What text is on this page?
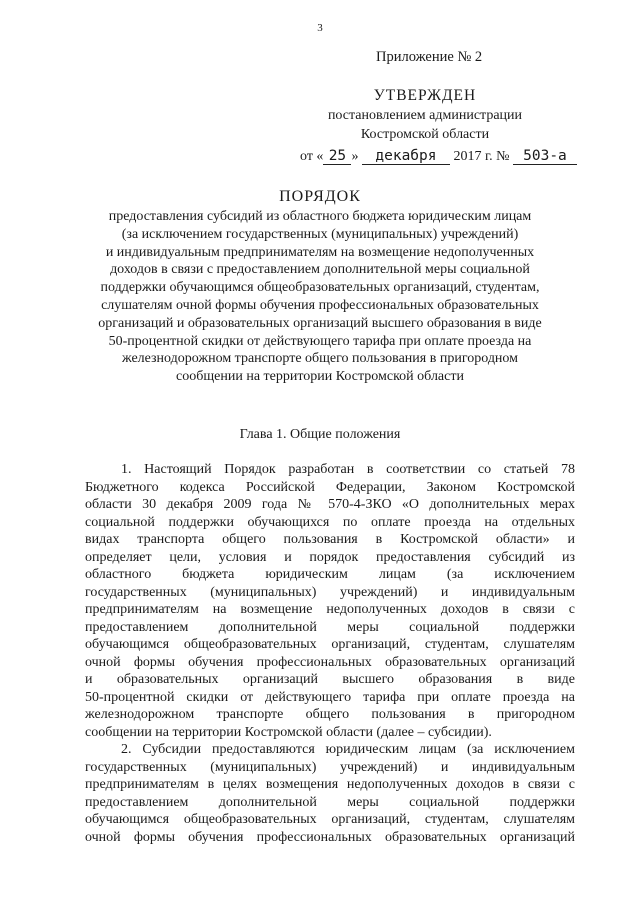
3
Приложение № 2
УТВЕРЖДЕН
постановлением администрации
Костромской области
от « 25 » декабря 2017 г. № 503-а
ПОРЯДОК
предоставления субсидий из областного бюджета юридическим лицам
(за исключением государственных (муниципальных) учреждений)
и индивидуальным предпринимателям на возмещение недополученных
доходов в связи с предоставлением дополнительной меры социальной
поддержки обучающимся общеобразовательных организаций, студентам,
слушателям очной формы обучения профессиональных образовательных
организаций и образовательных организаций высшего образования в виде
50-процентной скидки от действующего тарифа при оплате проезда на
железнодорожном транспорте общего пользования в пригородном
сообщении на территории Костромской области
Глава 1. Общие положения
1. Настоящий Порядок разработан в соответствии со статьей 78
Бюджетного кодекса Российской Федерации, Законом Костромской
области 30 декабря 2009 года № 570-4-ЗКО «О дополнительных мерах
социальной поддержки обучающихся по оплате проезда на отдельных
видах транспорта общего пользования в Костромской области» и
определяет цели, условия и порядок предоставления субсидий из
областного бюджета юридическим лицам (за исключением
государственных (муниципальных) учреждений) и индивидуальным
предпринимателям на возмещение недополученных доходов в связи с
предоставлением дополнительной меры социальной поддержки
обучающимся общеобразовательных организаций, студентам, слушателям
очной формы обучения профессиональных образовательных организаций
и образовательных организаций высшего образования в виде
50-процентной скидки от действующего тарифа при оплате проезда на
железнодорожном транспорте общего пользования в пригородном
сообщении на территории Костромской области (далее – субсидии).
2. Субсидии предоставляются юридическим лицам (за исключением
государственных (муниципальных) учреждений) и индивидуальным
предпринимателям в целях возмещения недополученных доходов в связи с
предоставлением дополнительной меры социальной поддержки
обучающимся общеобразовательных организаций, студентам, слушателям
очной формы обучения профессиональных образовательных организаций
